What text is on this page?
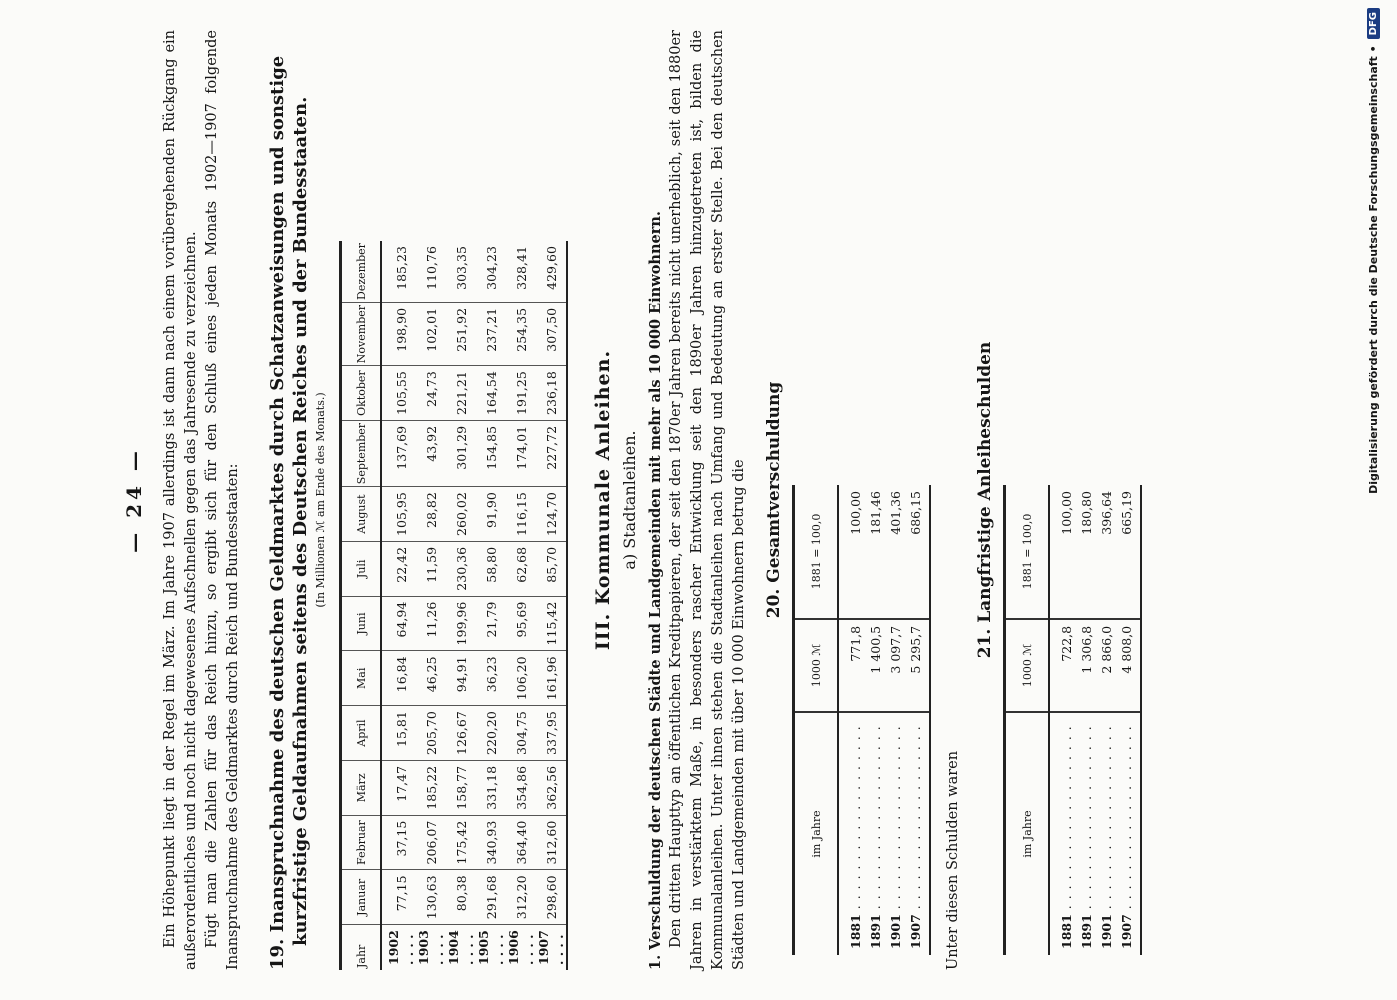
— 24 —	Ein Höhepunkt liegt in der Regel im März. Im Jahre 1907 allerdings ist dann nach einem vorübergehenden Rückgang ein außerordentliches und noch nicht dagewesenes Aufschnellen gegen das Jahresende zu verzeichnen. Fügt man die Zahlen für das Reich hinzu, so ergibt sich für den Schluß eines jeden Monats 1902—1907 folgende Inanspruchnahme des Geldmarktes durch Reich und Bundesstaaten: 19. Inanspruchnahme des deutschen Geldmarktes durch Schatzanweisungen und sonstige kurzfristige Geldaufnahmen seitens des Deutschen Reiches und der Bundesstaaten. (In Millionen ℳ am Ende des Monats.)
Jahr	Januar	Februar	März	April	Mai	Juni	Juli	August	September	Oktober	November	Dezember
1902 . . . .	77,15	37,15	17,47	15,81	16,84	64,94	22,42	105,95	137,69	105,55	198,90	185,23
1903 . . . .	130,63	206,07	185,22	205,70	46,25	11,26	11,59	28,82	43,92	24,73	102,01	110,76
1904 . . . .	80,38	175,42	158,77	126,67	94,91	199,96	230,36	260,02	301,29	221,21	251,92	303,35
1905 . . . .	291,68	340,93	331,18	220,20	36,23	21,79	58,80	91,90	154,85	164,54	237,21	304,23
1906 . . . .	312,20	364,40	354,86	304,75	106,20	95,69	62,68	116,15	174,01	191,25	254,35	328,41
1907 . . . .	298,60	312,60	362,56	337,95	161,96	115,42	85,70	124,70	227,72	236,18	307,50	429,60
III. Kommunale Anleihen. a) Stadtanleihen. 1. Verschuldung der deutschen Städte und Landgemeinden mit mehr als 10 000 Einwohnern. Den dritten Haupttyp an öffentlichen Kreditpapieren, der seit den 1870er Jahren bereits nicht unerheblich, seit den 1880er Jahren in verstärktem Maße, in besonders rascher Entwicklung seit den 1890er Jahren hinzugetreten ist, bilden die Kommunalanleihen. Unter ihnen stehen die Stadtanleihen nach Umfang und Bedeutung an erster Stelle. Bei den deutschen Städten und Landgemeinden mit über 10 000 Einwohnern betrug die 20. Gesamtverschuldung
im Jahre	1000 ℳ	1881 = 100,0
1881 . . . . . . . . . . . . . . . . . . .	771,8	100,00
1891 . . . . . . . . . . . . . . . . . . .	1 400,5	181,46
1901 . . . . . . . . . . . . . . . . . . .	3 097,7	401,36
1907 . . . . . . . . . . . . . . . . . . .	5 295,7	686,15
Unter diesen Schulden waren
21. Langfristige Anleiheschulden
im Jahre	1000 ℳ	1881 = 100,0
1881 . . . . . . . . . . . . . . . . . . .	722,8	100,00
1891 . . . . . . . . . . . . . . . . . . .	1 306,8	180,80
1901 . . . . . . . . . . . . . . . . . . .	2 866,0	396,64
1907 . . . . . . . . . . . . . . . . . . .	4 808,0	665,19
Digitalisierung gefördert durch die Deutsche Forschungsgemeinschaft •
DFG
